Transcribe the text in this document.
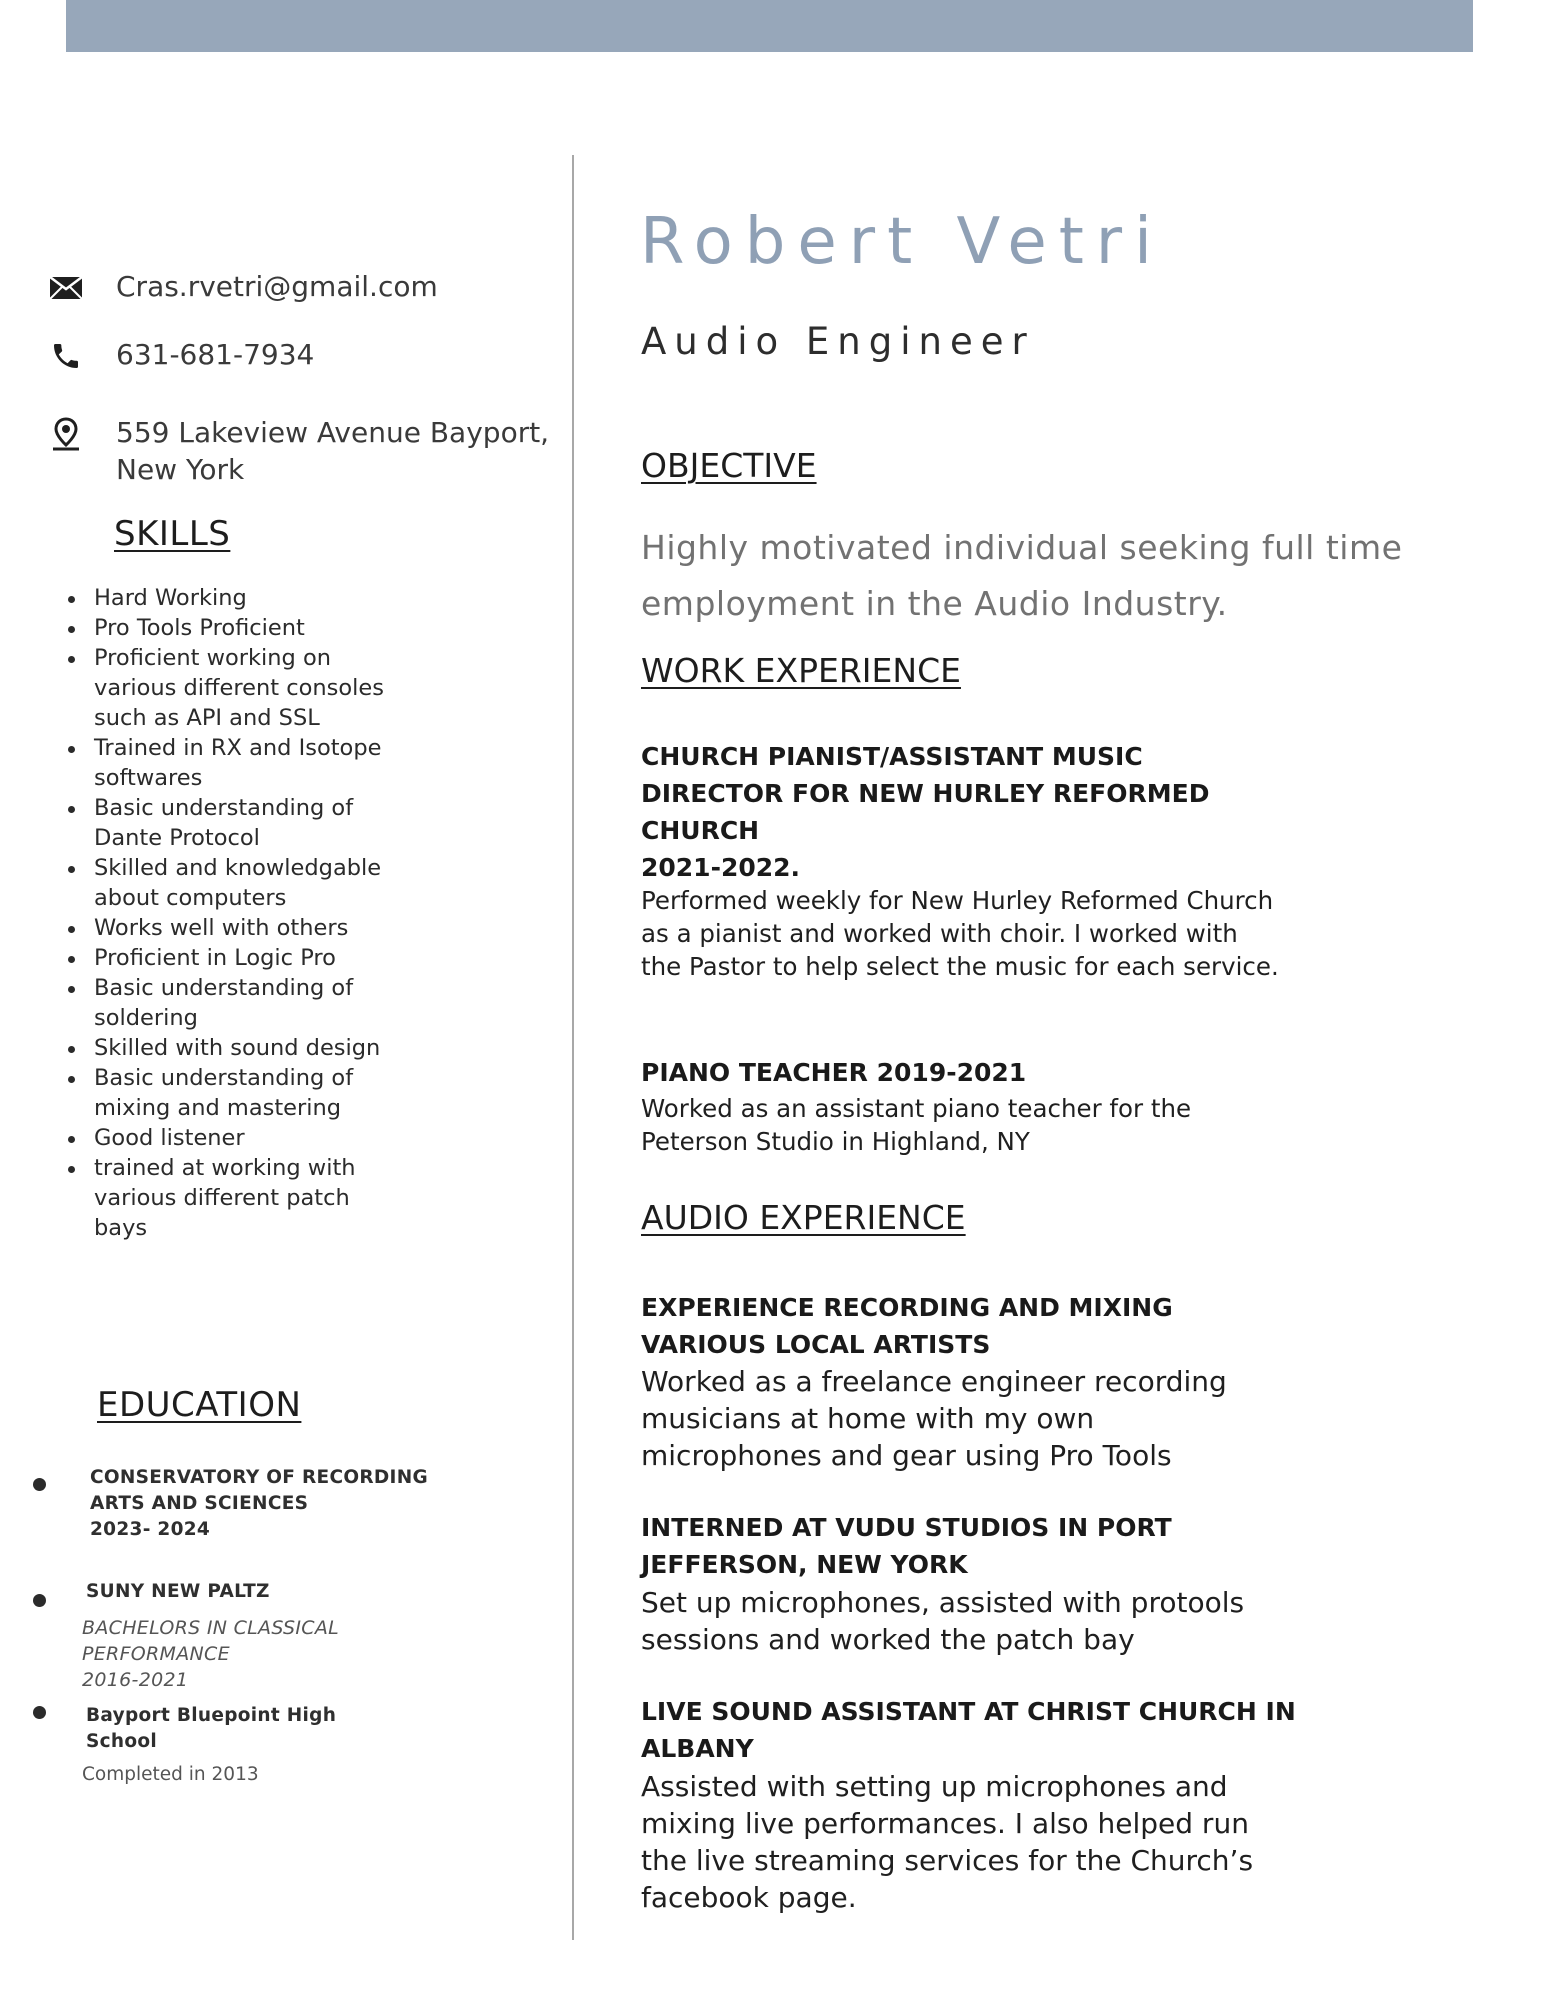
Cras.rvetri@gmail.com
631-681-7934
559 Lakeview Avenue Bayport,
New York
SKILLS
Hard Working
Pro Tools Proficient
Proficient working on various different consoles such as API and SSL
Trained in RX and Isotope softwares
Basic understanding of Dante Protocol
Skilled and knowledgable about computers
Works well with others
Proficient in Logic Pro
Basic understanding of soldering
Skilled with sound design
Basic understanding of mixing and mastering
Good listener
trained at working with various different patch bays
EDUCATION
CONSERVATORY OF RECORDING
ARTS AND SCIENCES
2023- 2024
SUNY NEW PALTZ
BACHELORS IN CLASSICAL
PERFORMANCE
2016-2021
Bayport Bluepoint High
School
Completed in 2013
Robert Vetri
Audio Engineer
OBJECTIVE
Highly motivated individual seeking full time employment in the Audio Industry.
WORK EXPERIENCE
CHURCH PIANIST/ASSISTANT MUSIC
DIRECTOR FOR NEW HURLEY REFORMED
CHURCH
2021-2022.
Performed weekly for New Hurley Reformed Church as a pianist and worked with choir. I worked with the Pastor to help select the music for each service.
PIANO TEACHER 2019-2021
Worked as an assistant piano teacher for the Peterson Studio in Highland, NY
AUDIO EXPERIENCE
EXPERIENCE RECORDING AND MIXING
VARIOUS LOCAL ARTISTS
Worked as a freelance engineer recording musicians at home with my own microphones and gear using Pro Tools
INTERNED AT VUDU STUDIOS IN PORT
JEFFERSON, NEW YORK
Set up microphones, assisted with protools sessions and worked the patch bay
LIVE SOUND ASSISTANT AT CHRIST CHURCH IN
ALBANY
Assisted with setting up microphones and mixing live performances. I also helped run the live streaming services for the Church’s facebook page.
